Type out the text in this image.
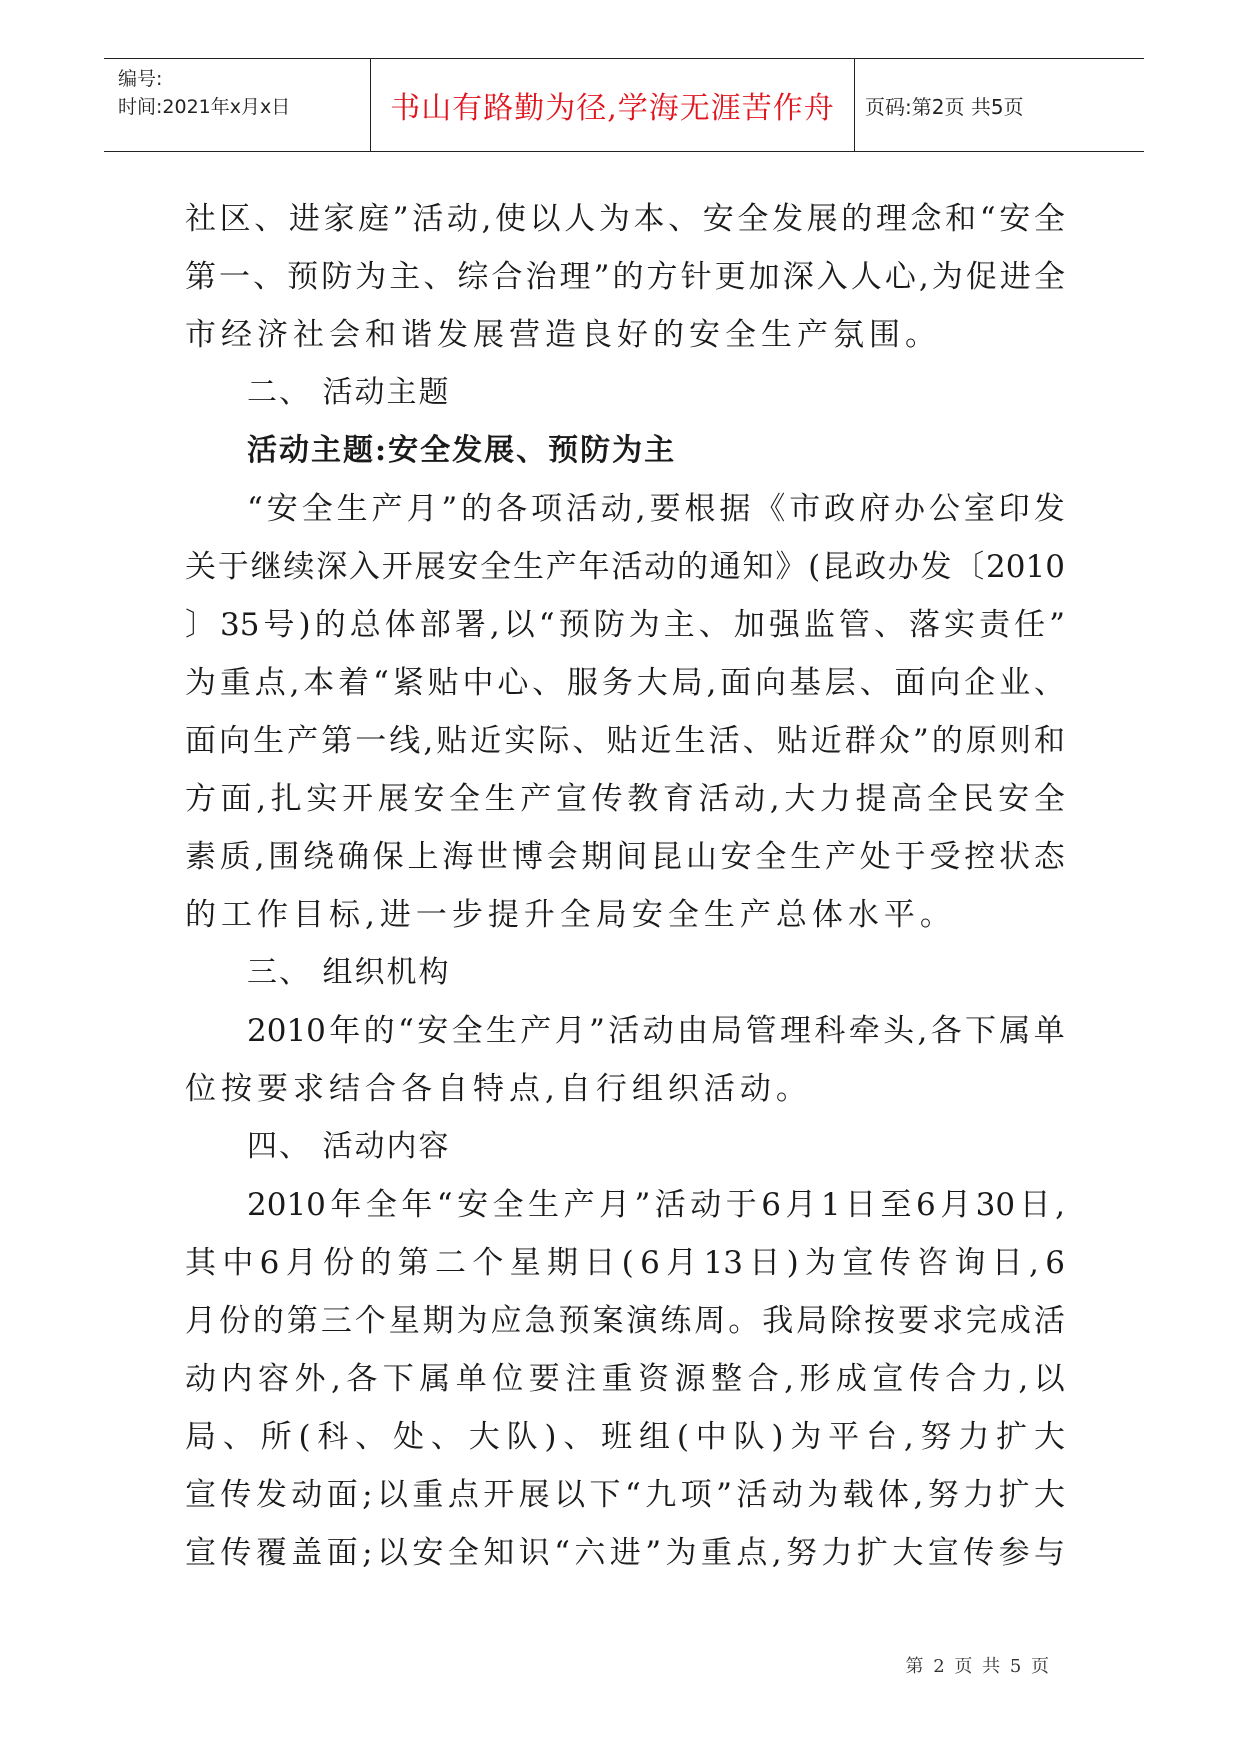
编号:
时间:2021年x月x日	书山有路勤为径,学海无涯苦作舟 页码:第2页 共5页
社 区 、 进 家 庭 ” 活 动 , 使 以 人 为 本 、 安 全 发 展 的 理 念 和 “ 安 全
第 一 、 预 防 为 主 、 综 合 治 理 ” 的 方 针 更 加 深 入 人 心 , 为 促 进 全
市经济社会和谐发展营造良好的安全生产氛围。
二、 活动主题
活动主题:安全发展、预防为主
“ 安 全 生 产 月 ” 的 各 项 活 动 , 要 根 据 《 市 政 府 办 公 室 印 发
关 于 继 续 深 入 开 展 安 全 生 产 年 活 动 的 通 知 》 ( 昆 政 办 发 〔 2010
〕 35 号 ) 的 总 体 部 署 , 以 “ 预 防 为 主 、 加 强 监 管 、 落 实 责 任 ”
为 重 点 , 本 着 “ 紧 贴 中 心 、 服 务 大 局 , 面 向 基 层 、 面 向 企 业 、
面 向 生 产 第 一 线 , 贴 近 实 际 、 贴 近 生 活 、 贴 近 群 众 ” 的 原 则 和
方 面 , 扎 实 开 展 安 全 生 产 宣 传 教 育 活 动 , 大 力 提 高 全 民 安 全
素 质 , 围 绕 确 保 上 海 世 博 会 期 间 昆 山 安 全 生 产 处 于 受 控 状 态
的工作目标,进一步提升全局安全生产总体水平。
三、 组织机构
2010 年 的 “ 安 全 生 产 月 ” 活 动 由 局 管 理 科 牵 头 , 各 下 属 单
位按要求结合各自特点,自行组织活动。
四、 活动内容
2010 年 全 年 “ 安 全 生 产 月 ” 活 动 于 6 月 1 日 至 6 月 30 日 ,
其 中 6 月 份 的 第 二 个 星 期 日 ( 6 月 13 日 ) 为 宣 传 咨 询 日 , 6
月 份 的 第 三 个 星 期 为 应 急 预 案 演 练 周 。 我 局 除 按 要 求 完 成 活
动 内 容 外 , 各 下 属 单 位 要 注 重 资 源 整 合 , 形 成 宣 传 合 力 , 以
局 、 所 ( 科 、 处 、 大 队 ) 、 班 组 ( 中 队 ) 为 平 台 , 努 力 扩 大
宣 传 发 动 面 ; 以 重 点 开 展 以 下 “ 九 项 ” 活 动 为 载 体 , 努 力 扩 大
宣 传 覆 盖 面 ; 以 安 全 知 识 “ 六 进 ” 为 重 点 , 努 力 扩 大 宣 传 参 与
第 2 页 共 5 页
